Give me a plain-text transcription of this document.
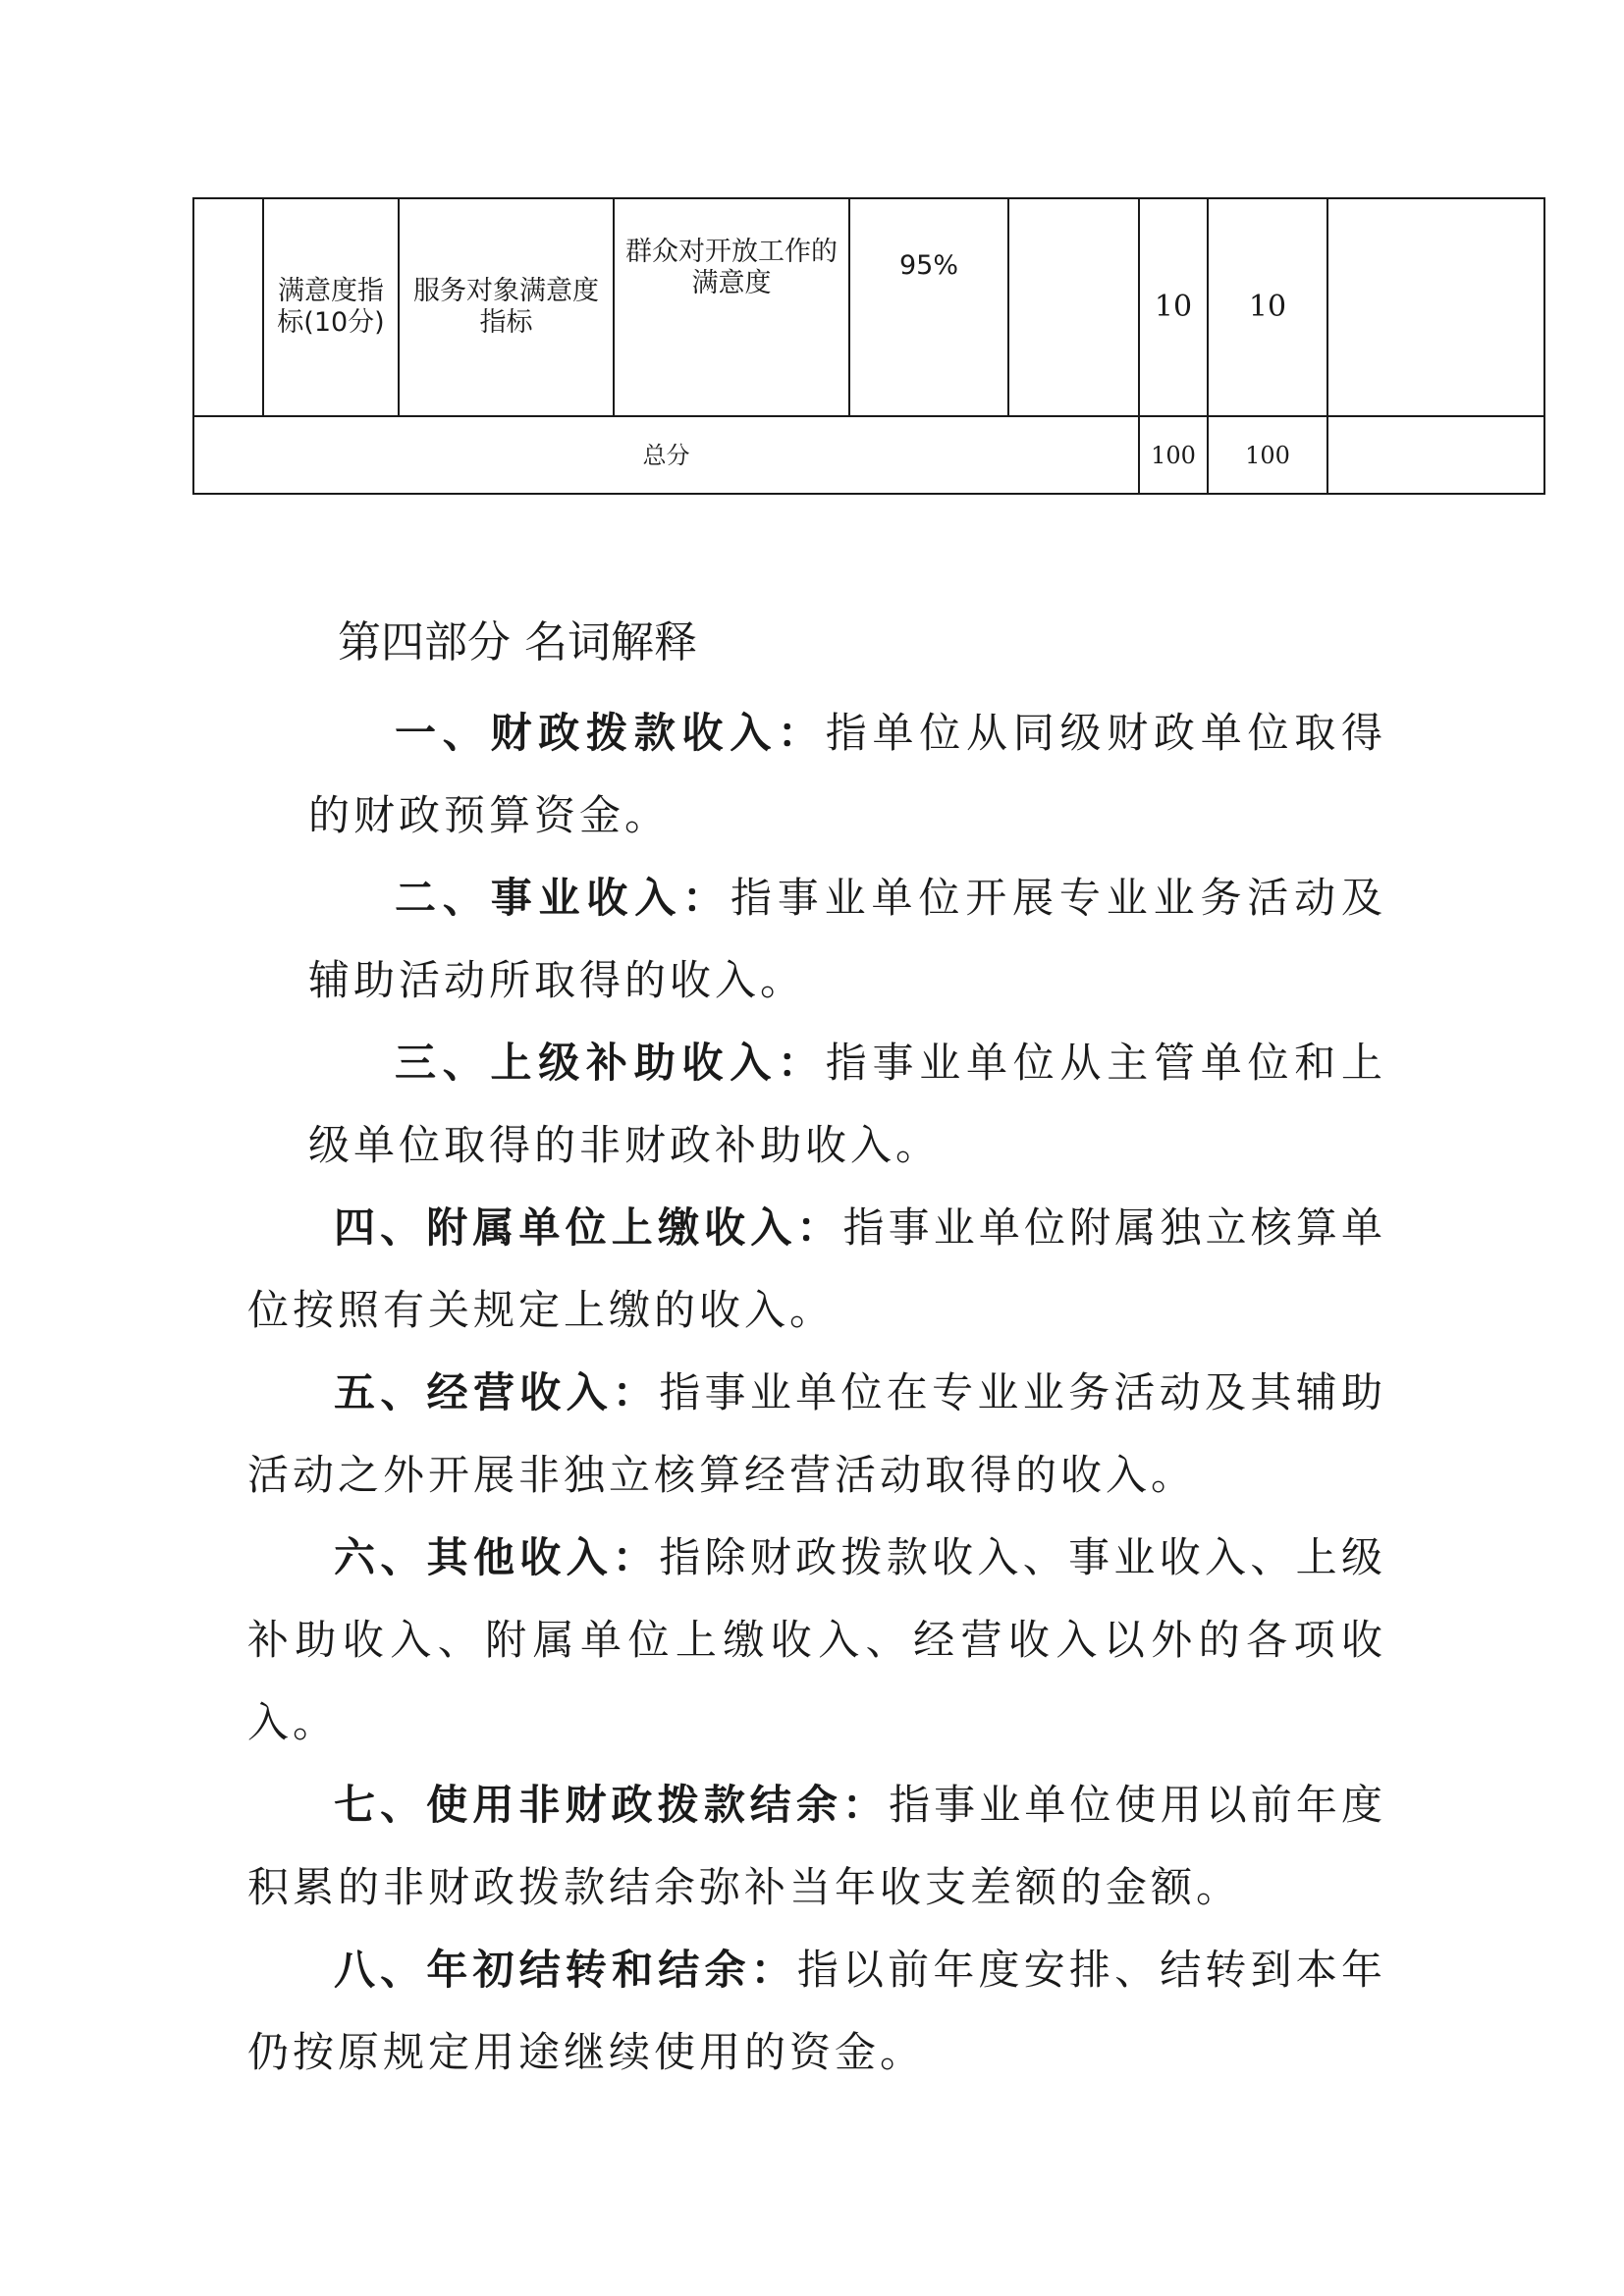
	满意度指标(10分)	服务对象满意度指标	群众对开放工作的满意度	95%		10	10	
总分						100	100	
第四部分 名词解释

一、财政拨款收入：指单位从同级财政单位取得的财政预算资金。

二、事业收入：指事业单位开展专业业务活动及辅助活动所取得的收入。

三、上级补助收入：指事业单位从主管单位和上级单位取得的非财政补助收入。

四、附属单位上缴收入：指事业单位附属独立核算单位按照有关规定上缴的收入。

五、经营收入：指事业单位在专业业务活动及其辅助活动之外开展非独立核算经营活动取得的收入。

六、其他收入：指除财政拨款收入、事业收入、上级补助收入、附属单位上缴收入、经营收入以外的各项收入。

七、使用非财政拨款结余：指事业单位使用以前年度积累的非财政拨款结余弥补当年收支差额的金额。

八、年初结转和结余：指以前年度安排、结转到本年仍按原规定用途继续使用的资金。
